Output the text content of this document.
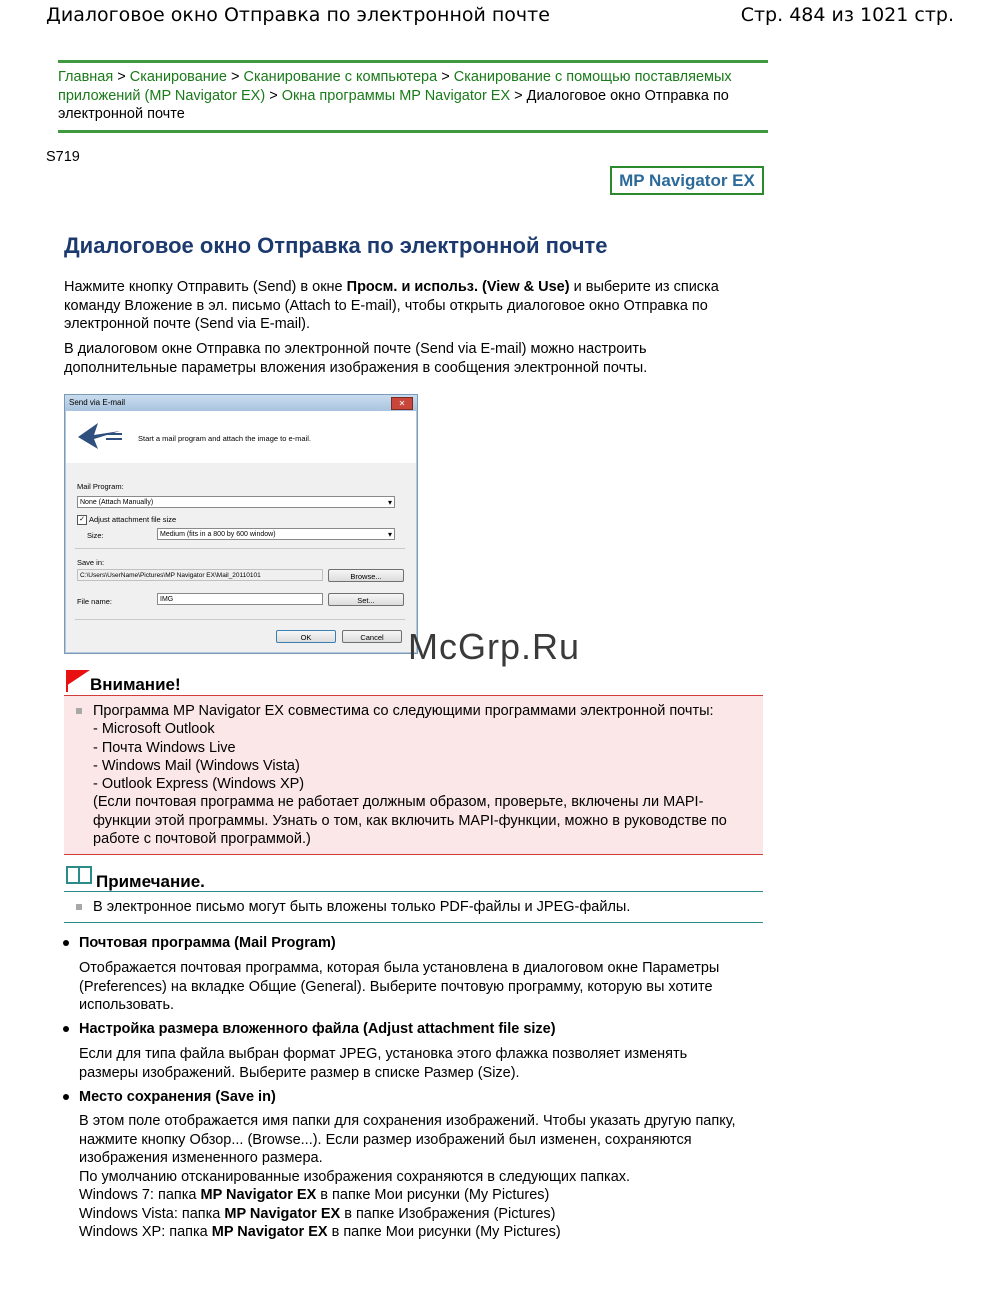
Диалоговое окно Отправка по электронной почте	Стр. 484 из 1021 стр.
Главная > Сканирование > Сканирование с компьютера > Сканирование с помощью поставляемых приложений (MP Navigator EX) > Окна программы MP Navigator EX > Диалоговое окно Отправка по электронной почте
S719
MP Navigator EX
Диалоговое окно Отправка по электронной почте
Нажмите кнопку Отправить (Send) в окне Просм. и использ. (View & Use) и выберите из списка команду Вложение в эл. письмо (Attach to E-mail), чтобы открыть диалоговое окно Отправка по электронной почте (Send via E-mail).
В диалоговом окне Отправка по электронной почте (Send via E-mail) можно настроить дополнительные параметры вложения изображения в сообщения электронной почты.
Send via E-mail	✕
Start a mail program and attach the image to e-mail.
Mail Program:
None (Attach Manually) ▾
✓ Adjust attachment file size
Size:	Medium (fits in a 800 by 600 window) ▾
Save in:
C:\Users\UserName\Pictures\MP Navigator EX\Mail_20110101	Browse...
File name:	IMG	Set...
OK	Cancel McGrp.Ru
Внимание!
Программа MP Navigator EX совместима со следующими программами электронной почты:
- Microsoft Outlook
- Почта Windows Live
- Windows Mail (Windows Vista)
- Outlook Express (Windows XP)
(Если почтовая программа не работает должным образом, проверьте, включены ли MAPI-
функции этой программы. Узнать о том, как включить MAPI-функции, можно в руководстве по
работе с почтовой программой.)
Примечание.
В электронное письмо могут быть вложены только PDF-файлы и JPEG-файлы.
Почтовая программа (Mail Program)
Отображается почтовая программа, которая была установлена в диалоговом окне Параметры
(Preferences) на вкладке Общие (General). Выберите почтовую программу, которую вы хотите
использовать.
Настройка размера вложенного файла (Adjust attachment file size)
Если для типа файла выбран формат JPEG, установка этого флажка позволяет изменять
размеры изображений. Выберите размер в списке Размер (Size).
Место сохранения (Save in)
В этом поле отображается имя папки для сохранения изображений. Чтобы указать другую папку,
нажмите кнопку Обзор... (Browse...). Если размер изображений был изменен, сохраняются
изображения измененного размера.
По умолчанию отсканированные изображения сохраняются в следующих папках.
Windows 7: папка MP Navigator EX в папке Мои рисунки (My Pictures)
Windows Vista: папка MP Navigator EX в папке Изображения (Pictures)
Windows XP: папка MP Navigator EX в папке Мои рисунки (My Pictures)
